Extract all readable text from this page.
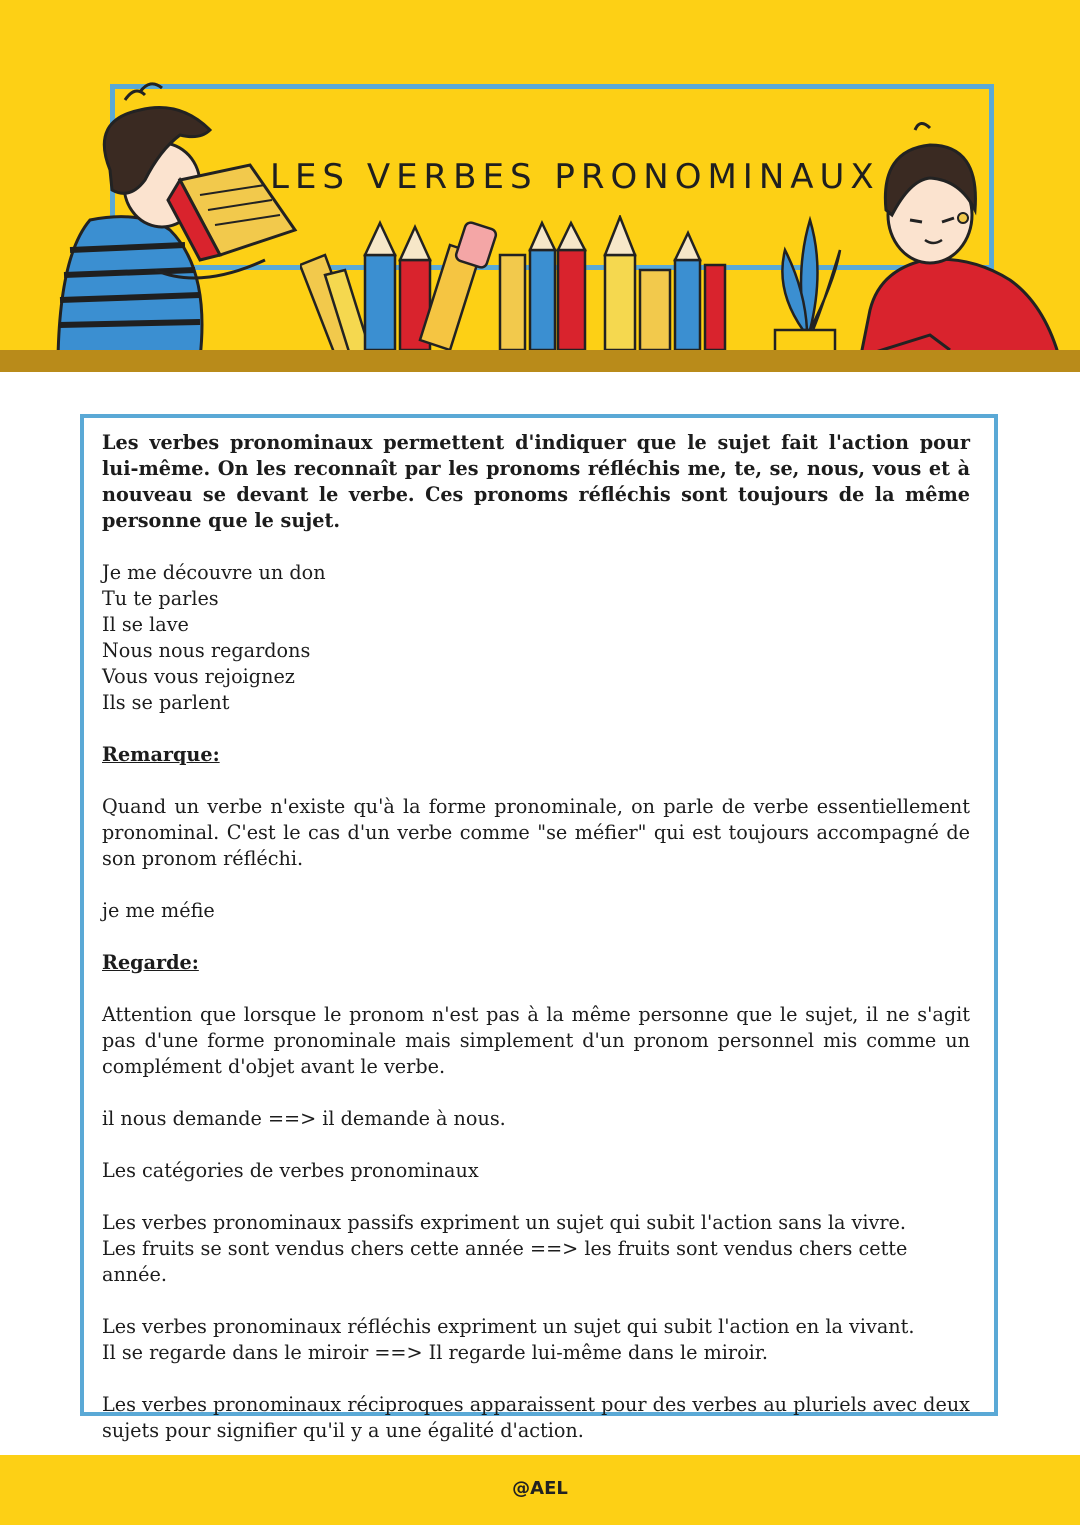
LES VERBES PRONOMINAUX

Les verbes pronominaux permettent d'indiquer que le sujet fait l'action pour lui-même. On les reconnaît par les pronoms réfléchis me, te, se, nous, vous et à nouveau se devant le verbe. Ces pronoms réfléchis sont toujours de la même personne que le sujet.

Je me découvre un don

Tu te parles

Il se lave

Nous nous regardons

Vous vous rejoignez

Ils se parlent

Remarque:

Quand un verbe n'existe qu'à la forme pronominale, on parle de verbe essentiellement pronominal. C'est le cas d'un verbe comme "se méfier" qui est toujours accompagné de son pronom réfléchi.

je me méfie

Regarde:

Attention que lorsque le pronom n'est pas à la même personne que le sujet, il ne s'agit pas d'une forme pronominale mais simplement d'un pronom personnel mis comme un complément d'objet avant le verbe.

il nous demande ==> il demande à nous.

Les catégories de verbes pronominaux

Les verbes pronominaux passifs expriment un sujet qui subit l'action sans la vivre.

Les fruits se sont vendus chers cette année ==> les fruits sont vendus chers cette année.

Les verbes pronominaux réfléchis expriment un sujet qui subit l'action en la vivant.

Il se regarde dans le miroir ==> Il regarde lui-même dans le miroir.

Les verbes pronominaux réciproques apparaissent pour des verbes au pluriels avec deux sujets pour signifier qu'il y a une égalité d'action.

@AEL
